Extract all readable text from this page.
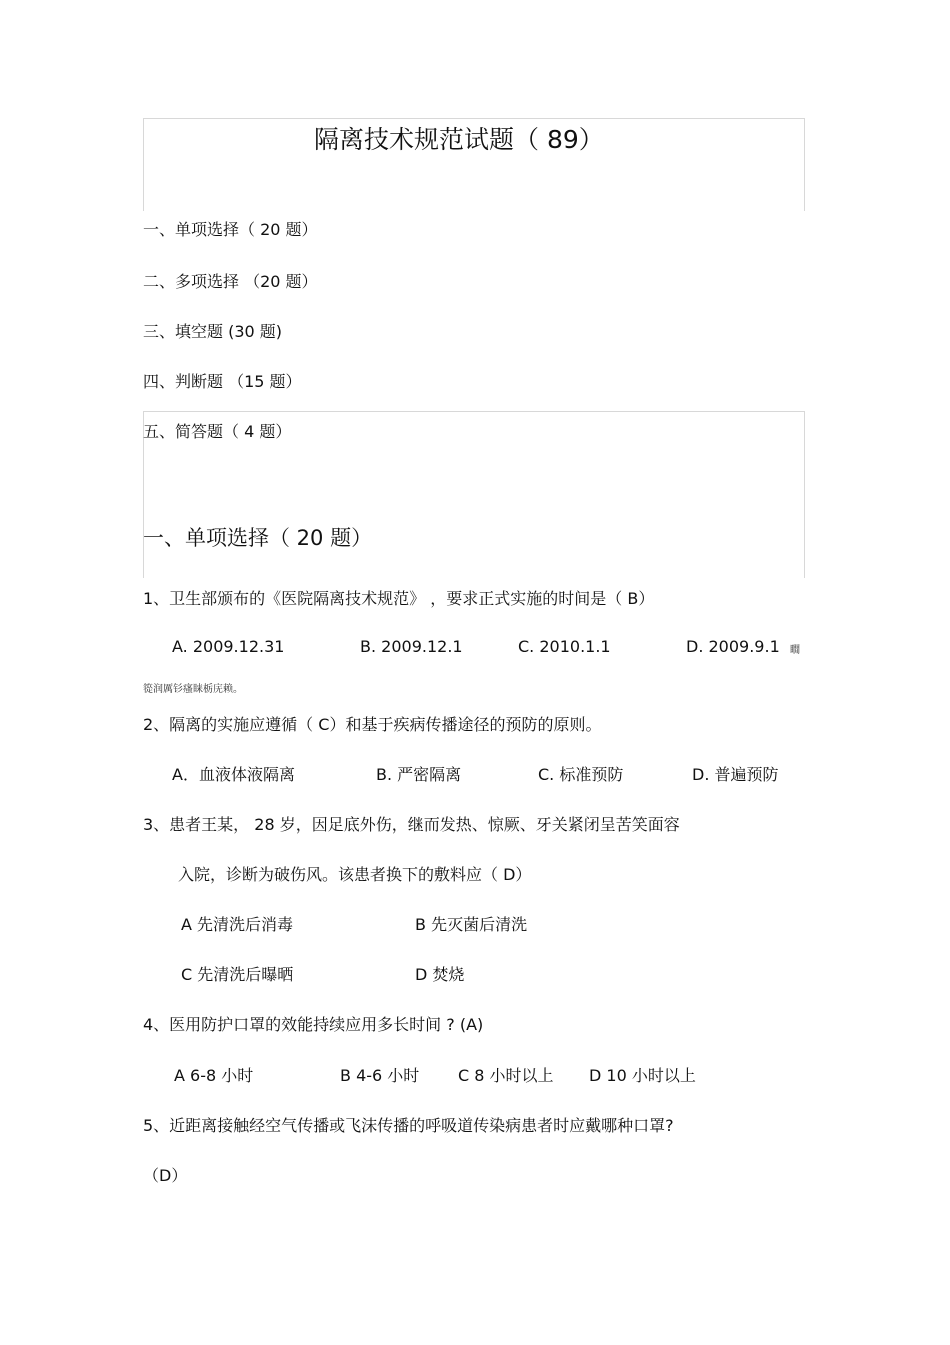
隔离技术规范试题（ 89）
一、单项选择（ 20 题）
二、多项选择 （20 题）
三、填空题 (30 题)
四、判断题 （15 题）
五、简答题（ 4 题）
一、单项选择（ 20 题）
1、卫生部颁布的《医院隔离技术规范》 ，要求正式实施的时间是（ B）
A. 2009.12.31	B. 2009.12.1	C. 2010.1.1	D. 2009.9.1 瞯
篵润厲钐瘙睐栃庑赖。
2、隔离的实施应遵循（ C）和基于疾病传播途径的预防的原则。
A．血液体液隔离	B. 严密隔离	C. 标准预防	D. 普遍预防
3、患者王某， 28 岁，因足底外伤，继而发热、惊厥、牙关紧闭呈苦笑面容
入院，诊断为破伤风。该患者换下的敷料应（ D）
A 先清洗后消毒	B 先灭菌后清洗
C 先清洗后曝晒	D 焚烧
4、医用防护口罩的效能持续应用多长时间 ? (A)
A 6-8 小时	B 4-6 小时 C 8 小时以上 D 10 小时以上
5、近距离接触经空气传播或飞沫传播的呼吸道传染病患者时应戴哪种口罩?
（D）
